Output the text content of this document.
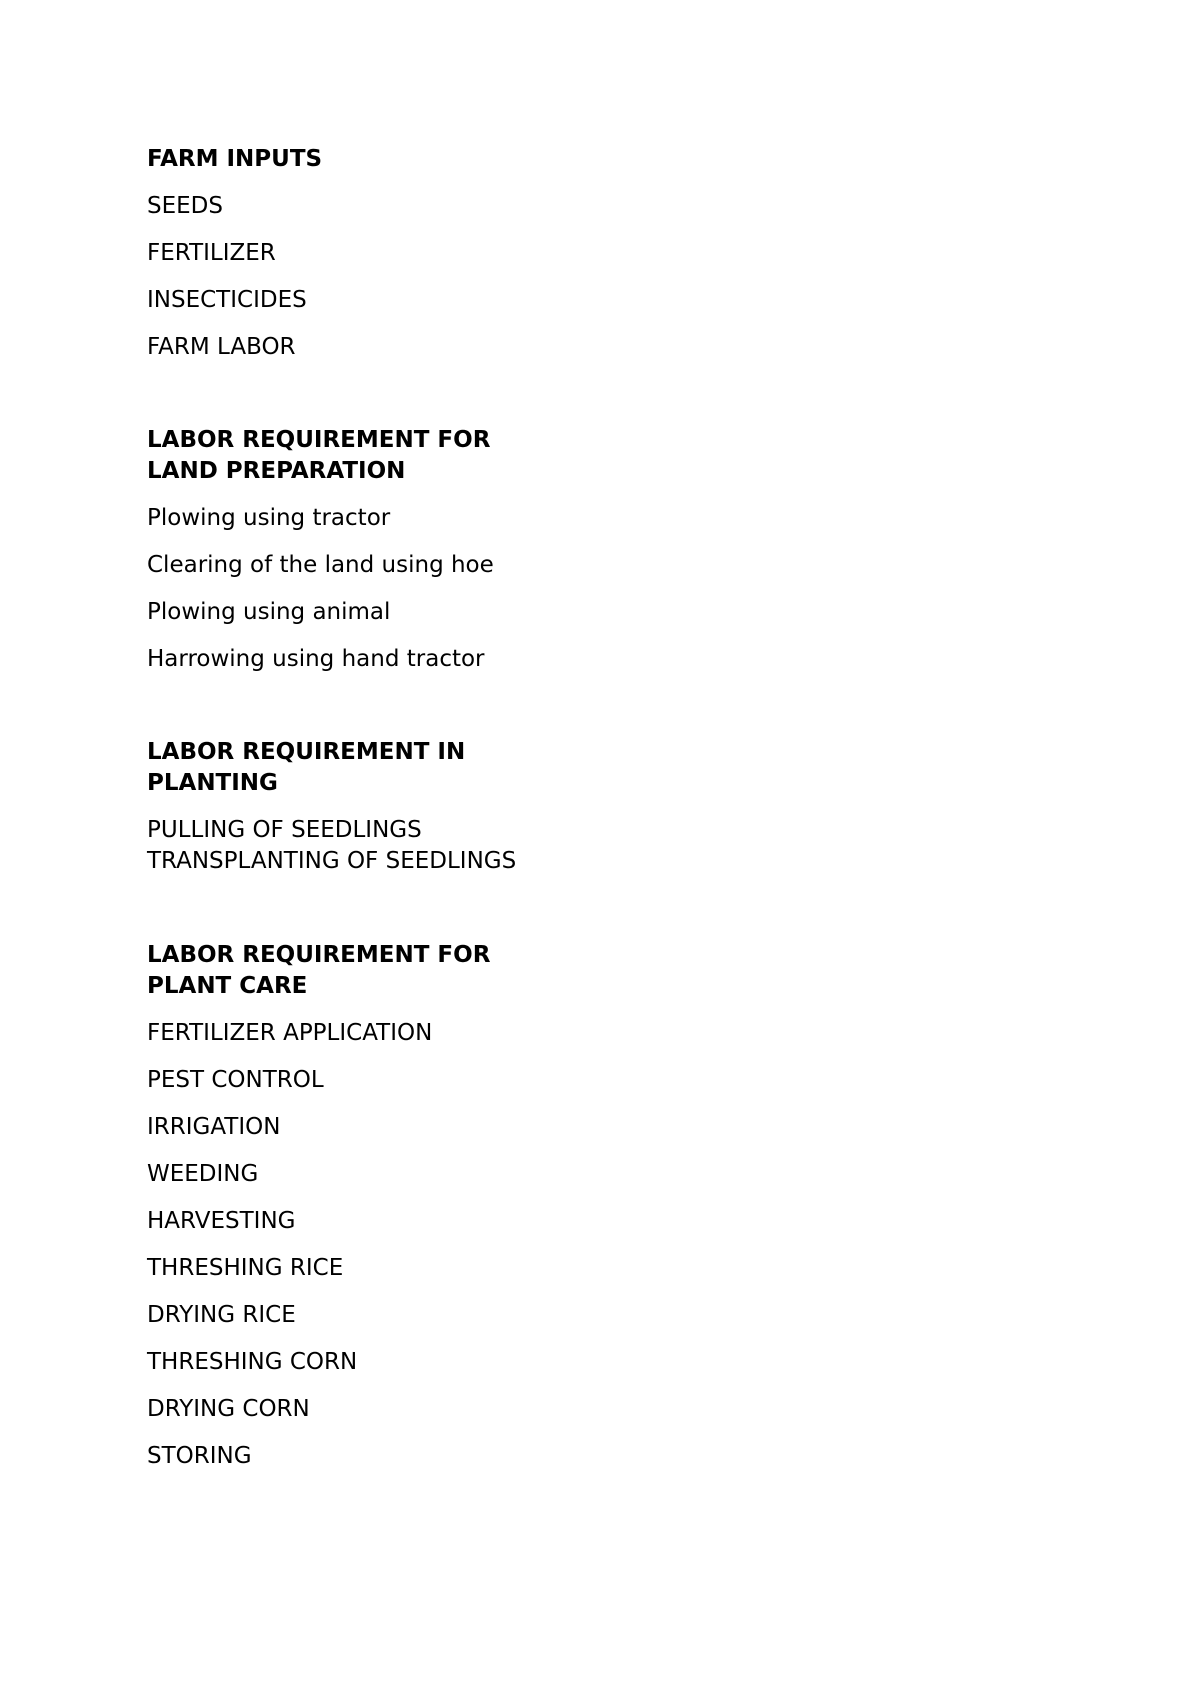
FARM INPUTS

SEEDS

FERTILIZER

INSECTICIDES

FARM LABOR

LABOR REQUIREMENT FOR

LAND PREPARATION

Plowing using tractor

Clearing of the land using hoe

Plowing using animal

Harrowing using hand tractor

LABOR REQUIREMENT IN

PLANTING

PULLING OF SEEDLINGS

TRANSPLANTING OF SEEDLINGS

LABOR REQUIREMENT FOR

PLANT CARE

FERTILIZER APPLICATION

PEST CONTROL

IRRIGATION

WEEDING

HARVESTING

THRESHING RICE

DRYING RICE

THRESHING CORN

DRYING CORN

STORING
